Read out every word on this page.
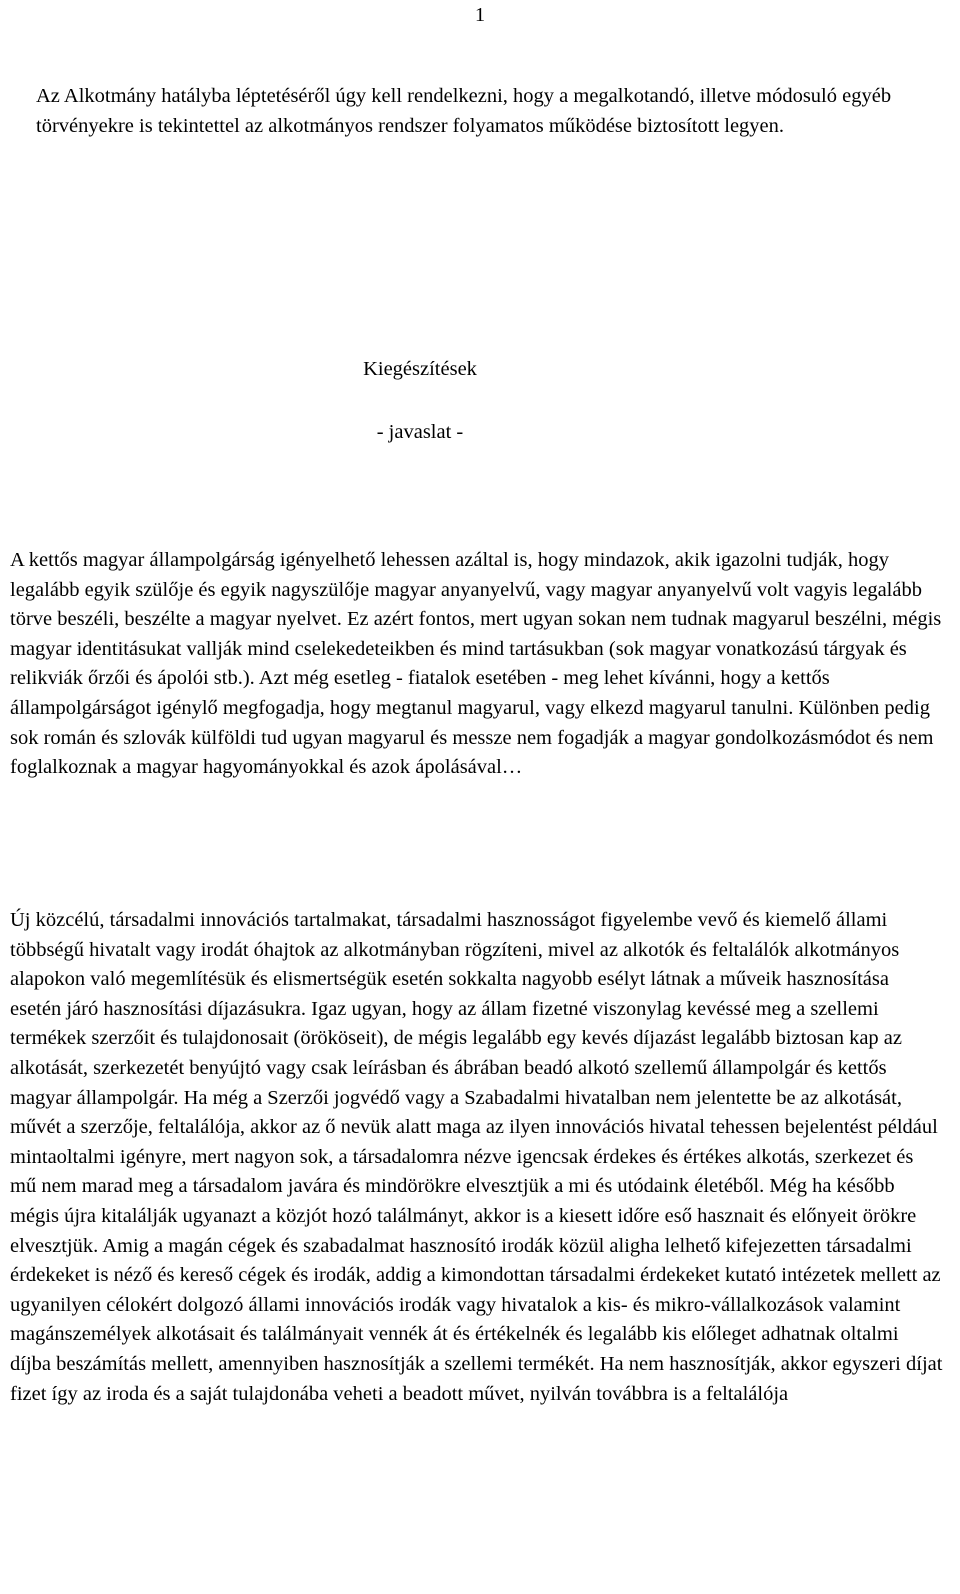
1

Az Alkotmány hatályba léptetéséről úgy kell rendelkezni, hogy a megalkotandó, illetve módosuló egyéb törvényekre is tekintettel az alkotmányos rendszer folyamatos működése biztosított legyen.

Kiegészítések

- javaslat -

A kettős magyar állampolgárság igényelhető lehessen azáltal is, hogy mindazok, akik igazolni tudják, hogy legalább egyik szülője és egyik nagyszülője magyar anyanyelvű, vagy magyar anyanyelvű volt vagyis legalább törve beszéli, beszélte a magyar nyelvet. Ez azért fontos, mert ugyan sokan nem tudnak magyarul beszélni, mégis magyar identitásukat vallják mind cselekedeteikben és mind tartásukban (sok magyar vonatkozású tárgyak és relikviák őrzői és ápolói stb.). Azt még esetleg - fiatalok esetében - meg lehet kívánni, hogy a kettős állampolgárságot igénylő megfogadja, hogy megtanul magyarul, vagy elkezd magyarul tanulni. Különben pedig sok román és szlovák külföldi tud ugyan magyarul és messze nem fogadják a magyar gondolkozásmódot és nem foglalkoznak a magyar hagyományokkal és azok ápolásával…

Új közcélú, társadalmi innovációs tartalmakat, társadalmi hasznosságot figyelembe vevő és kiemelő állami többségű hivatalt vagy irodát óhajtok az alkotmányban rögzíteni, mivel az alkotók és feltalálók alkotmányos alapokon való megemlítésük és elismertségük esetén sokkalta nagyobb esélyt látnak a műveik hasznosítása esetén járó hasznosítási díjazásukra. Igaz ugyan, hogy az állam fizetné viszonylag kevéssé meg a szellemi termékek szerzőit és tulajdonosait (örököseit), de mégis legalább egy kevés díjazást legalább biztosan kap az alkotását, szerkezetét benyújtó vagy csak leírásban és ábrában beadó alkotó szellemű állampolgár és kettős magyar állampolgár. Ha még a Szerzői jogvédő vagy a Szabadalmi hivatalban nem jelentette be az alkotását, művét a szerzője, feltalálója, akkor az ő nevük alatt maga az ilyen innovációs hivatal tehessen bejelentést például mintaoltalmi igényre, mert nagyon sok, a társadalomra nézve igencsak érdekes és értékes alkotás, szerkezet és mű nem marad meg a társadalom javára és mindörökre elvesztjük a mi és utódaink életéből. Még ha később mégis újra kitalálják ugyanazt a közjót hozó találmányt, akkor is a kiesett időre eső hasznait és előnyeit örökre elvesztjük. Amig a magán cégek és szabadalmat hasznosító irodák közül aligha lelhető kifejezetten társadalmi érdekeket is néző és kereső cégek és irodák, addig a kimondottan társadalmi érdekeket kutató intézetek mellett az ugyanilyen célokért dolgozó állami innovációs irodák vagy hivatalok a kis- és mikro-vállalkozások valamint magánszemélyek alkotásait és találmányait vennék át és értékelnék és legalább kis előleget adhatnak oltalmi díjba beszámítás mellett, amennyiben hasznosítják a szellemi termékét. Ha nem hasznosítják, akkor egyszeri díjat fizet így az iroda és a saját tulajdonába veheti a beadott művet, nyilván továbbra is a feltalálója
